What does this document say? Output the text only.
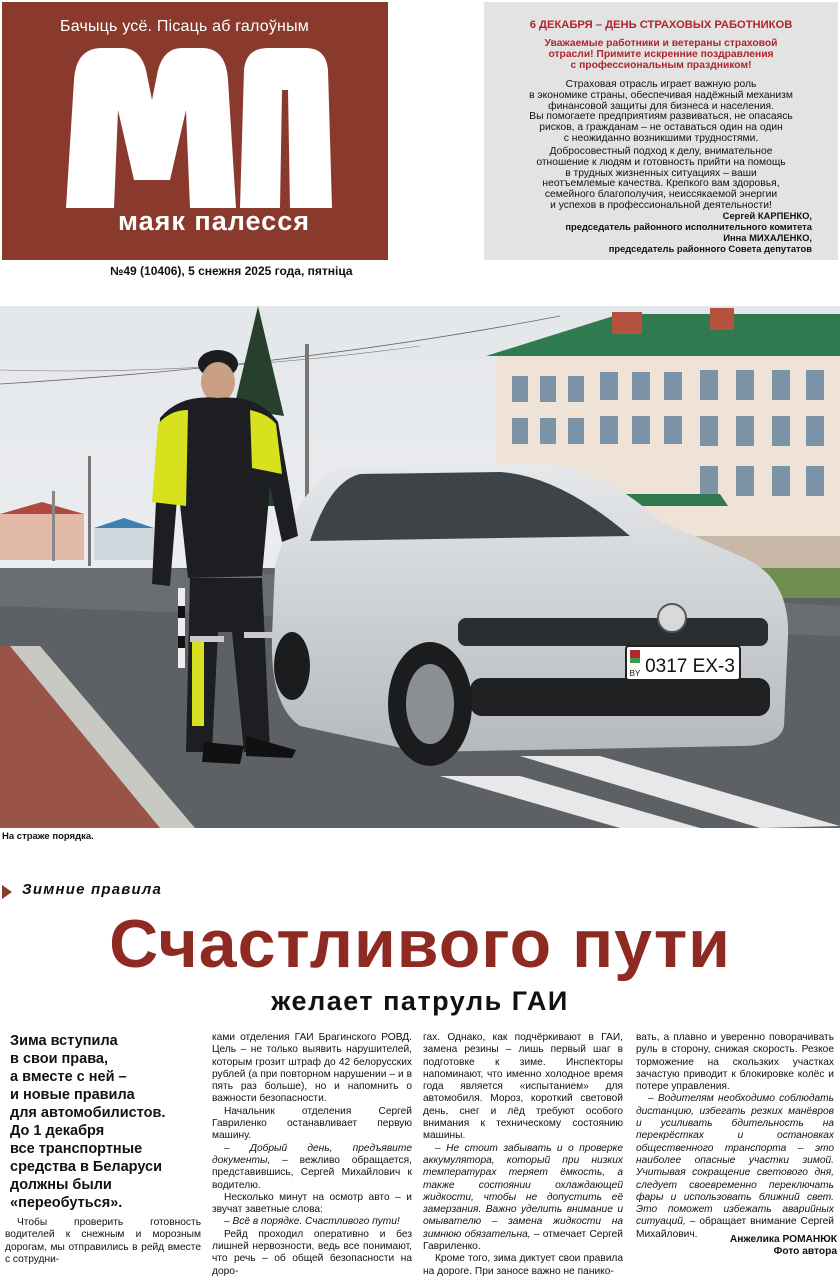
Бачыць усё. Пісаць аб галоўным
маяк палесся
№49 (10406), 5 снежня 2025 года, пятніца
6 ДЕКАБРЯ – ДЕНЬ СТРАХОВЫХ РАБОТНИКОВ
Уважаемые работники и ветераны страховой
отрасли! Примите искренние поздравления
с профессиональным праздником!
Страховая отрасль играет важную роль
в экономике страны, обеспечивая надёжный механизм
финансовой защиты для бизнеса и населения.
Вы помогаете предприятиям развиваться, не опасаясь
рисков, а гражданам – не оставаться один на один
с неожиданно возникшими трудностями.
Добросовестный подход к делу, внимательное
отношение к людям и готовность прийти на помощь
в трудных жизненных ситуациях – ваши
неотъемлемые качества. Крепкого вам здоровья,
семейного благополучия, неиссякаемой энергии
и успехов в профессиональной деятельности!
Сергей КАРПЕНКО,
председатель районного исполнительного комитета
Инна МИХАЛЕНКО,
председатель районного Совета депутатов
BY 0317 EX-3
На страже порядка.
Зимние правила
Счастливого пути
желает патруль ГАИ
Зима вступила
в свои права,
а вместе с ней –
и новые правила
для автомобилистов.
До 1 декабря
все транспортные
средства в Беларуси
должны были
«переобуться».

Чтобы проверить готовность водителей к снежным и морозным дорогам, мы отправились в рейд вместе с сотрудни-

ками отделения ГАИ Брагинского РОВД. Цель – не только выявить нарушителей, которым грозит штраф до 42 белорусских рублей (а при повторном нарушении – и в пять раз больше), но и напомнить о важности безопасности.

Начальник отделения Сергей Гавриленко останавливает первую машину.

– Добрый день, предъявите документы, – вежливо обращается, представившись, Сергей Михайлович к водителю.

Несколько минут на осмотр авто – и звучат заветные слова:

– Всё в порядке. Счастливого пути!

Рейд проходил оперативно и без лишней нервозности, ведь все понимают, что речь – об общей безопасности на доро-

гах. Однако, как подчёркивают в ГАИ, замена резины – лишь первый шаг в подготовке к зиме. Инспекторы напоминают, что именно холодное время года является «испытанием» для автомобиля. Мороз, короткий световой день, снег и лёд требуют особого внимания к техническому состоянию машины.

– Не стоит забывать и о проверке аккумулятора, который при низких температурах теряет ёмкость, а также состоянии охлаждающей жидкости, чтобы не допустить её замерзания. Важно уделить внимание и омывателю – замена жидкости на зимнюю обязательна, – отмечает Сергей Гавриленко.

Кроме того, зима диктует свои правила на дороге. При заносе важно не панико-

вать, а плавно и уверенно поворачивать руль в сторону, снижая скорость. Резкое торможение на скользких участках зачастую приводит к блокировке колёс и потере управления.

– Водителям необходимо соблюдать дистанцию, избегать резких манёвров и усиливать бдительность на перекрёстках и остановках общественного транспорта – это наиболее опасные участки зимой. Учитывая сокращение светового дня, следует своевременно переключать фары и использовать ближний свет. Это поможет избежать аварийных ситуаций, – обращает внимание Сергей Михайлович.	Анжелика РОМАНЮК
Фото автора
